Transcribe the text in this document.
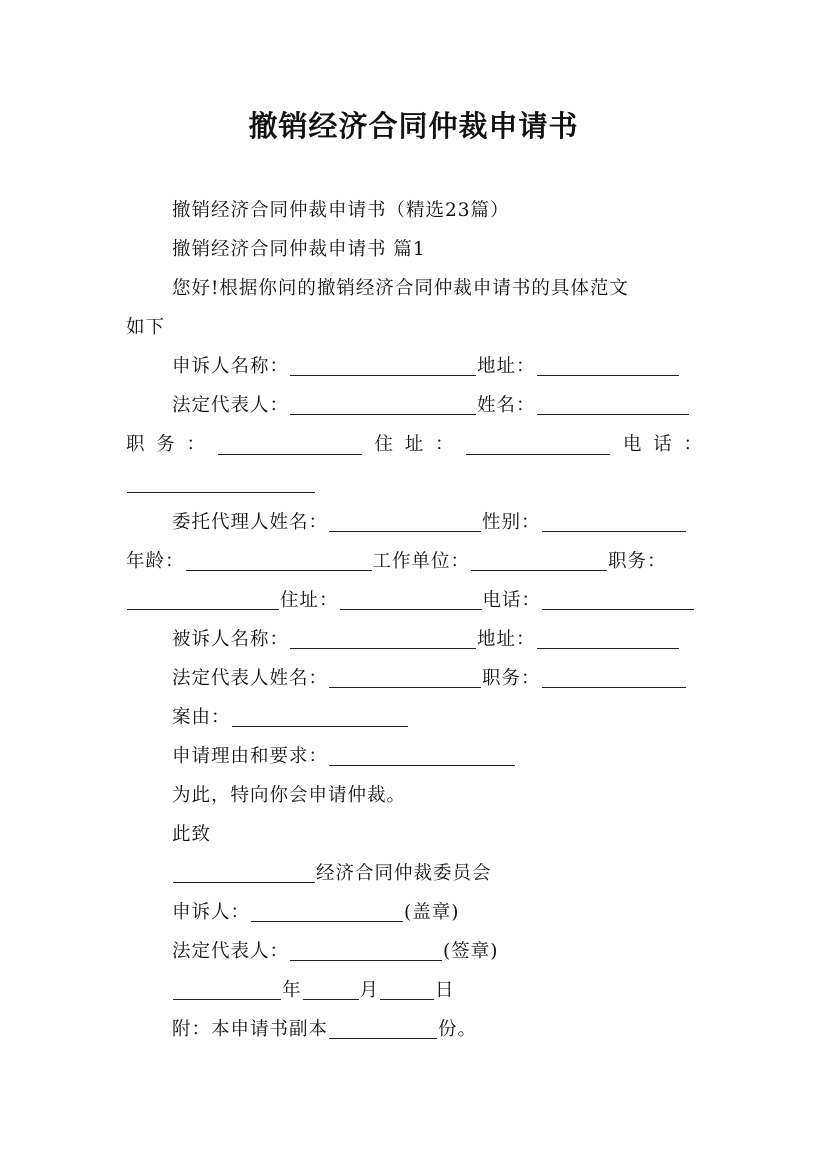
撤销经济合同仲裁申请书
撤销经济合同仲裁申请书（精选23篇）
撤销经济合同仲裁申请书 篇1
您好!根据你问的撤销经济合同仲裁申请书的具体范文
如下
申诉人名称：	地址：
法定代表人：	姓名：
职 务 ：	住 址 ：	电 话 ：
委托代理人姓名：	性别：
年龄：	工作单位：	职务：
住址：	电话：
被诉人名称：	地址：
法定代表人姓名：	职务：
案由：
申请理由和要求：
为此，特向你会申请仲裁。
此致
经济合同仲裁委员会
申诉人：	(盖章)
法定代表人：	(签章)
年	月	日
附：本申请书副本	份。
